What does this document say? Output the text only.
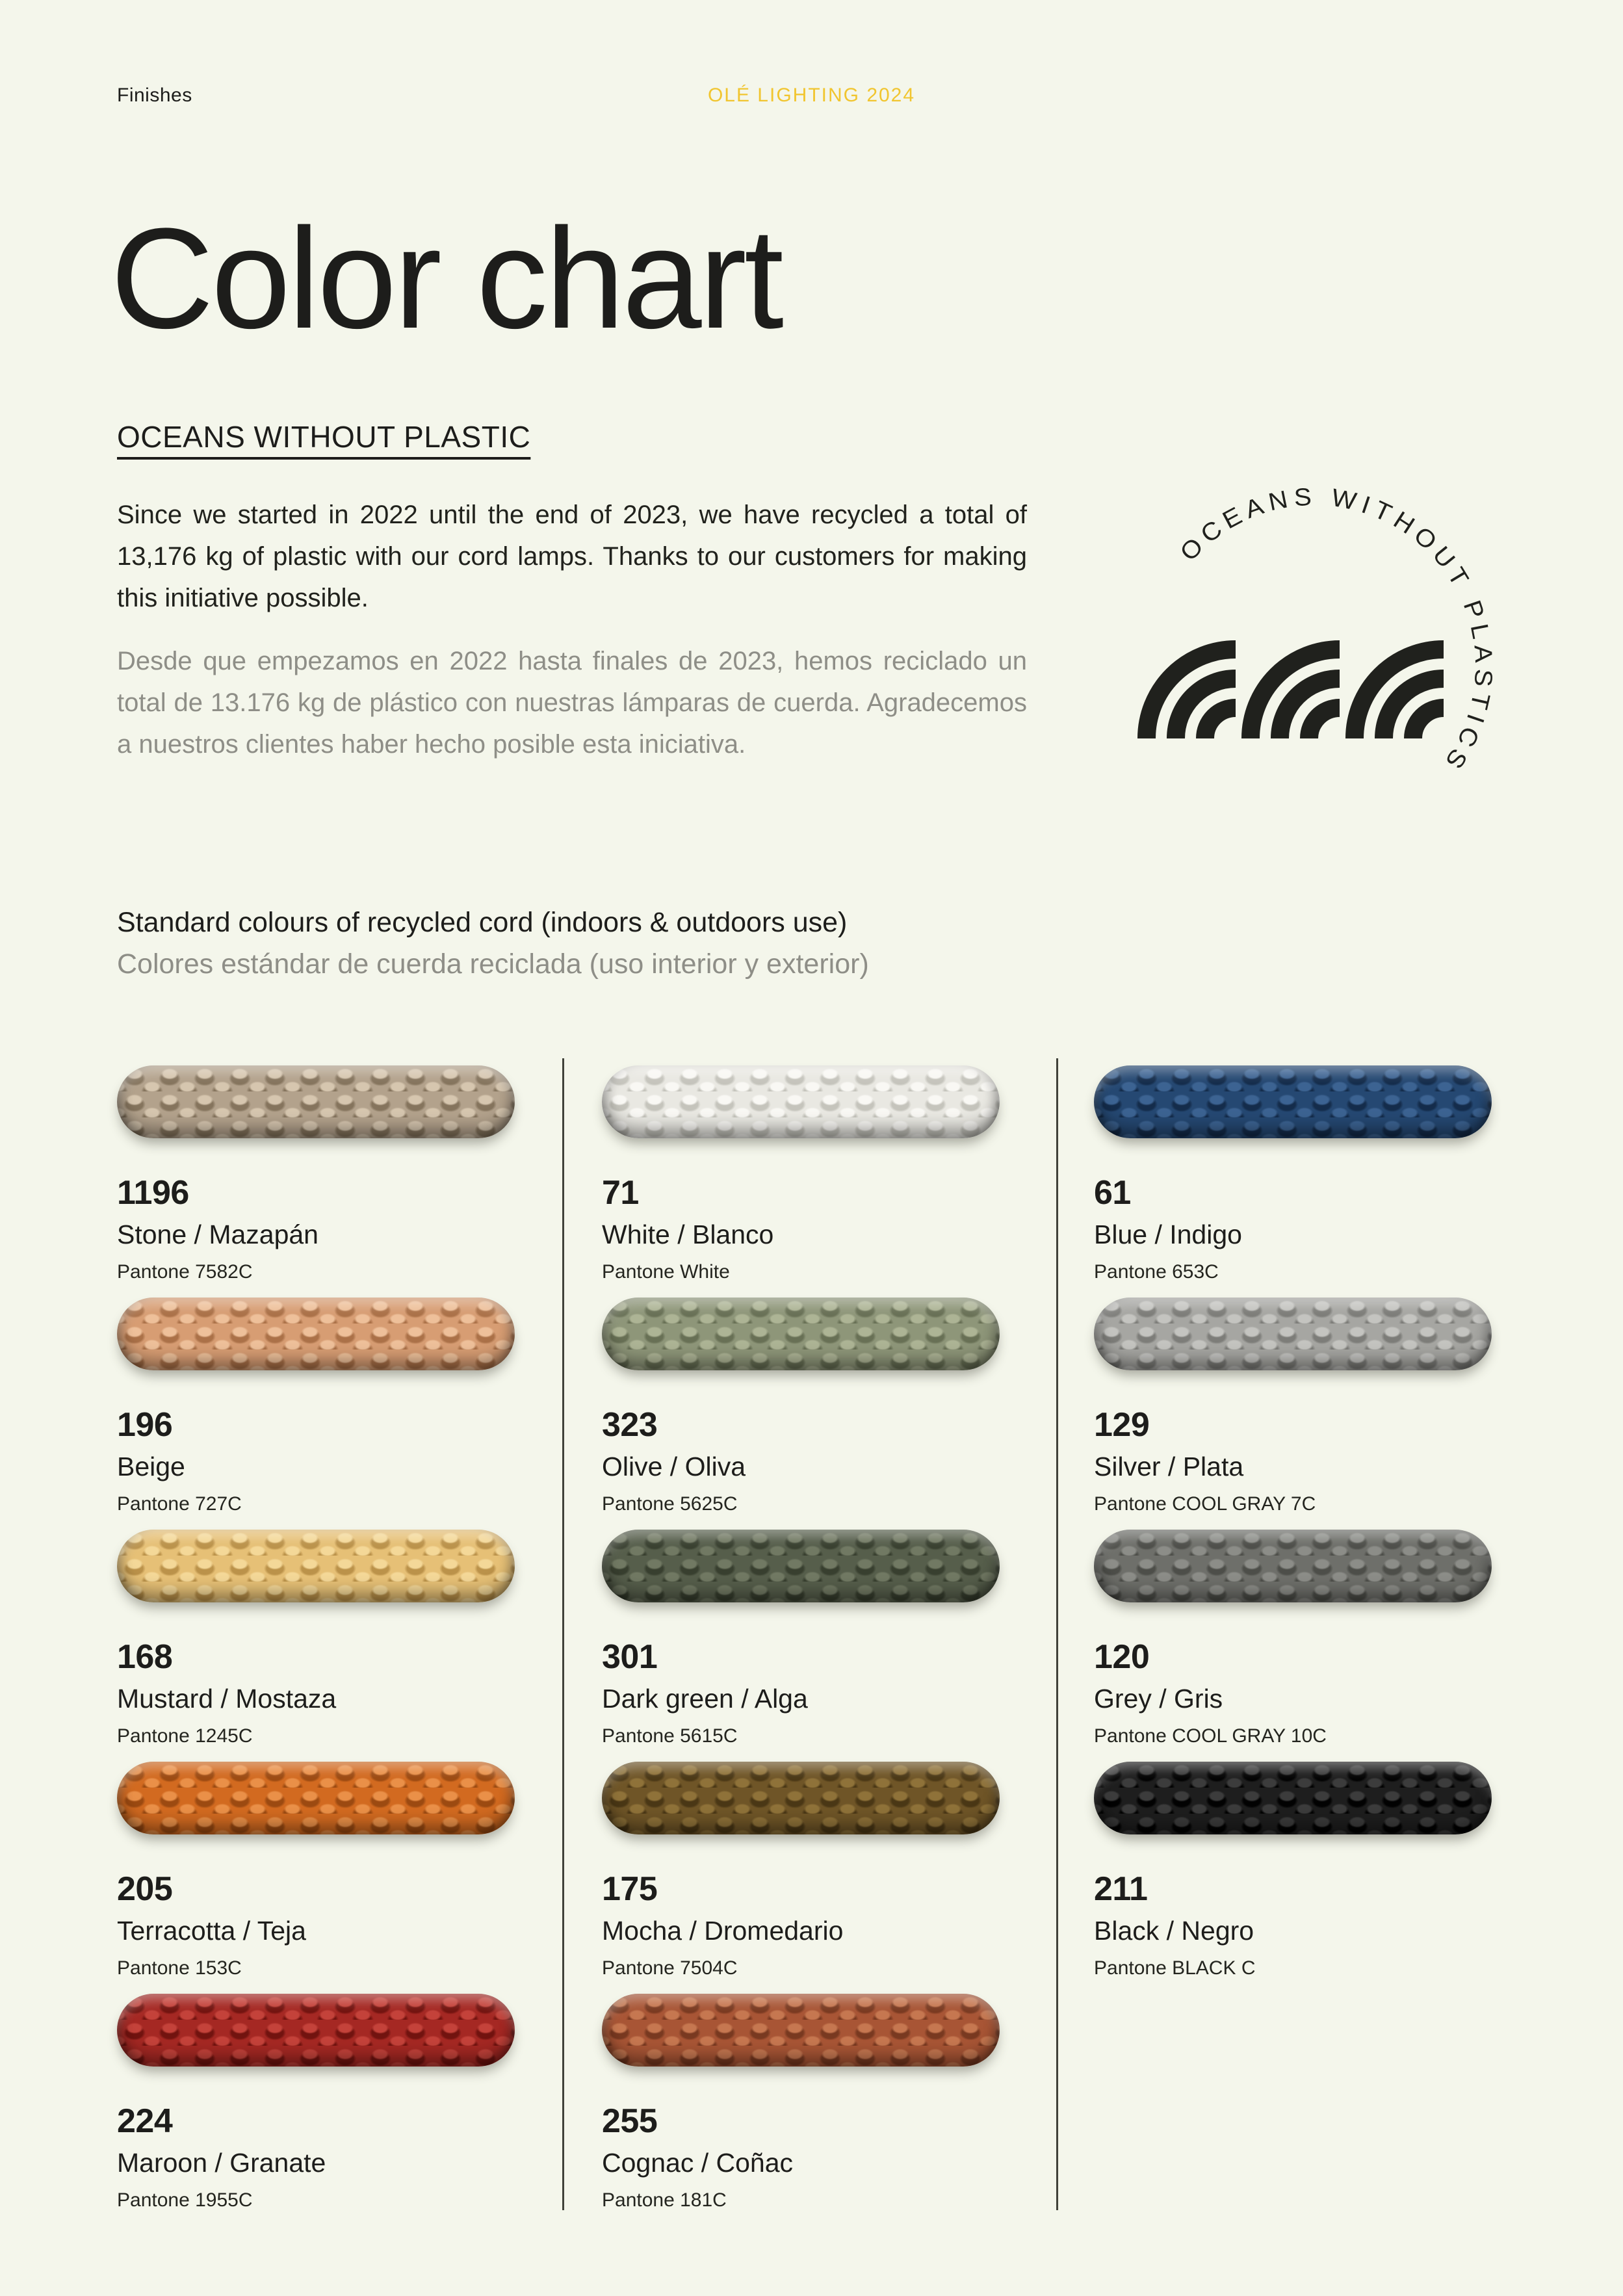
Finishes	OLÉ LIGHTING 2024
Color chart
OCEANS WITHOUT PLASTIC

Since we started in 2022 until the end of 2023, we have recycled a total of 13,176 kg of plastic with our cord lamps. Thanks to our customers for making this initiative possible.

Desde que empezamos en 2022 hasta finales de 2023, hemos reciclado un total de 13.176 kg de plástico con nuestras lámparas de cuerda. Agradecemos a nuestros clientes haber hecho posible esta iniciativa.

OCEANS WITHOUT PLASTICS
Standard colours of recycled cord (indoors & outdoors use)
Colores estándar de cuerda reciclada (uso interior y exterior)
1196
Stone / Mazapán
Pantone 7582C
196
Beige
Pantone 727C
168
Mustard / Mostaza
Pantone 1245C
205
Terracotta / Teja
Pantone 153C
224
Maroon / Granate
Pantone 1955C
71
White / Blanco
Pantone White
323
Olive / Oliva
Pantone 5625C
301
Dark green / Alga
Pantone 5615C
175
Mocha / Dromedario
Pantone 7504C
255
Cognac / Coñac
Pantone 181C
61
Blue / Indigo
Pantone 653C
129
Silver / Plata
Pantone COOL GRAY 7C
120
Grey / Gris
Pantone COOL GRAY 10C
211
Black / Negro
Pantone BLACK C
